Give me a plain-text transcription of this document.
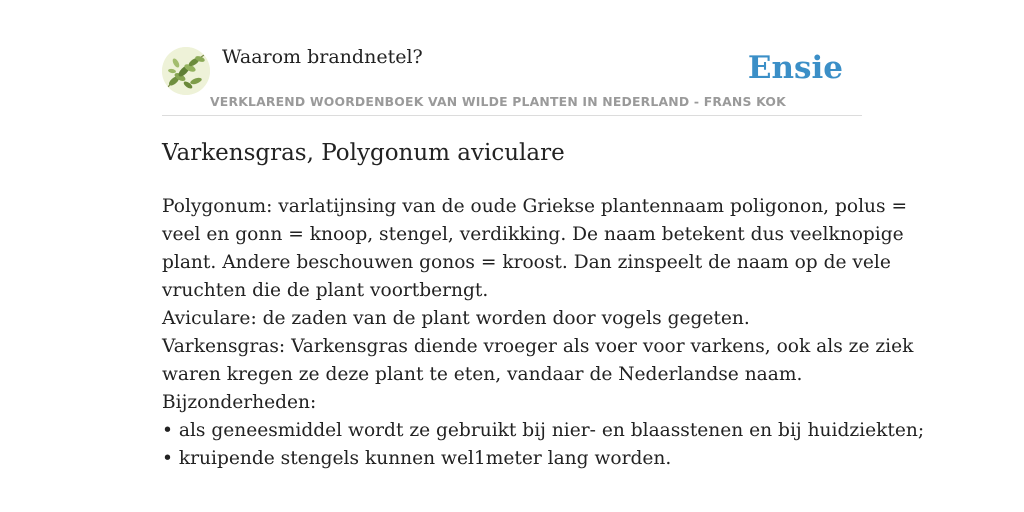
Waarom brandnetel?	Ensie
VERKLAREND WOORDENBOEK VAN WILDE PLANTEN IN NEDERLAND - FRANS KOK
Varkensgras, Polygonum aviculare
Polygonum: varlatijnsing van de oude Griekse plantennaam poligonon, polus =
veel en gonn = knoop, stengel, verdikking. De naam betekent dus veelknopige
plant. Andere beschouwen gonos = kroost. Dan zinspeelt de naam op de vele
vruchten die de plant voortberngt.
Aviculare: de zaden van de plant worden door vogels gegeten.
Varkensgras: Varkensgras diende vroeger als voer voor varkens, ook als ze ziek
waren kregen ze deze plant te eten, vandaar de Nederlandse naam.
Bijzonderheden:
• als geneesmiddel wordt ze gebruikt bij nier- en blaasstenen en bij huidziekten;
• kruipende stengels kunnen wel1meter lang worden.
